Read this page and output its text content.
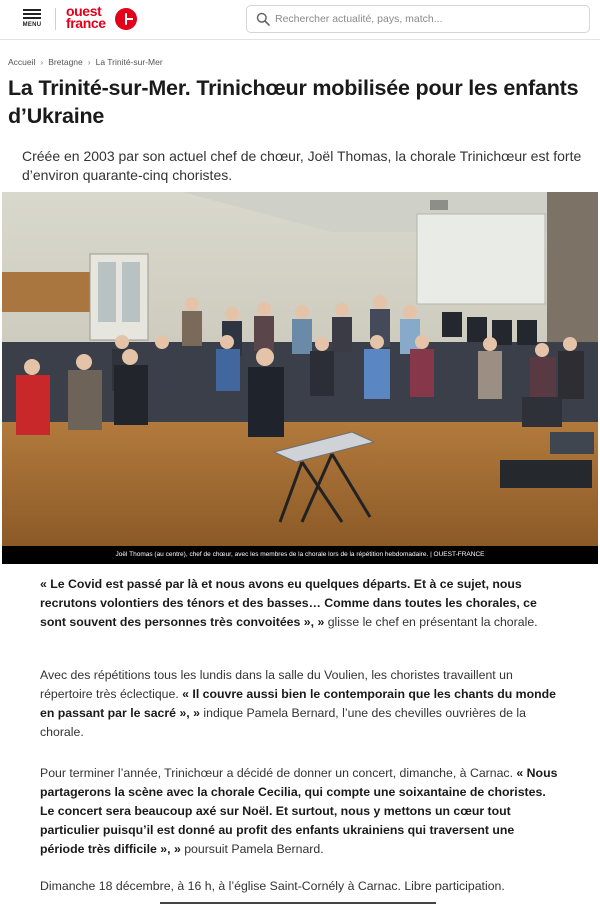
MENU
ouest
france
Rechercher actualité, pays, match...
Accueil › Bretagne › La Trinité-sur-Mer
La Trinité-sur-Mer. Trinichœur mobilisée pour les enfants d’Ukraine

Créée en 2003 par son actuel chef de chœur, Joël Thomas, la chorale Trinichœur est forte d’environ quarante-cinq choristes.

Joël Thomas (au centre), chef de chœur, avec les membres de la chorale lors de la répétition hebdomadaire. | OUEST-FRANCE

« Le Covid est passé par là et nous avons eu quelques départs. Et à ce sujet, nous recrutons volontiers des ténors et des basses… Comme dans toutes les chorales, ce sont souvent des personnes très convoitées », » glisse le chef en présentant la chorale.

Avec des répétitions tous les lundis dans la salle du Voulien, les choristes travaillent un répertoire très éclectique. « Il couvre aussi bien le contemporain que les chants du monde en passant par le sacré », » indique Pamela Bernard, l’une des chevilles ouvrières de la chorale.

Pour terminer l’année, Trinichœur a décidé de donner un concert, dimanche, à Carnac. « Nous partagerons la scène avec la chorale Cecilia, qui compte une soixantaine de choristes. Le concert sera beaucoup axé sur Noël. Et surtout, nous y mettons un cœur tout particulier puisqu’il est donné au profit des enfants ukrainiens qui traversent une période très difficile », » poursuit Pamela Bernard.

Dimanche 18 décembre, à 16 h, à l’église Saint-Cornély à Carnac. Libre participation.
